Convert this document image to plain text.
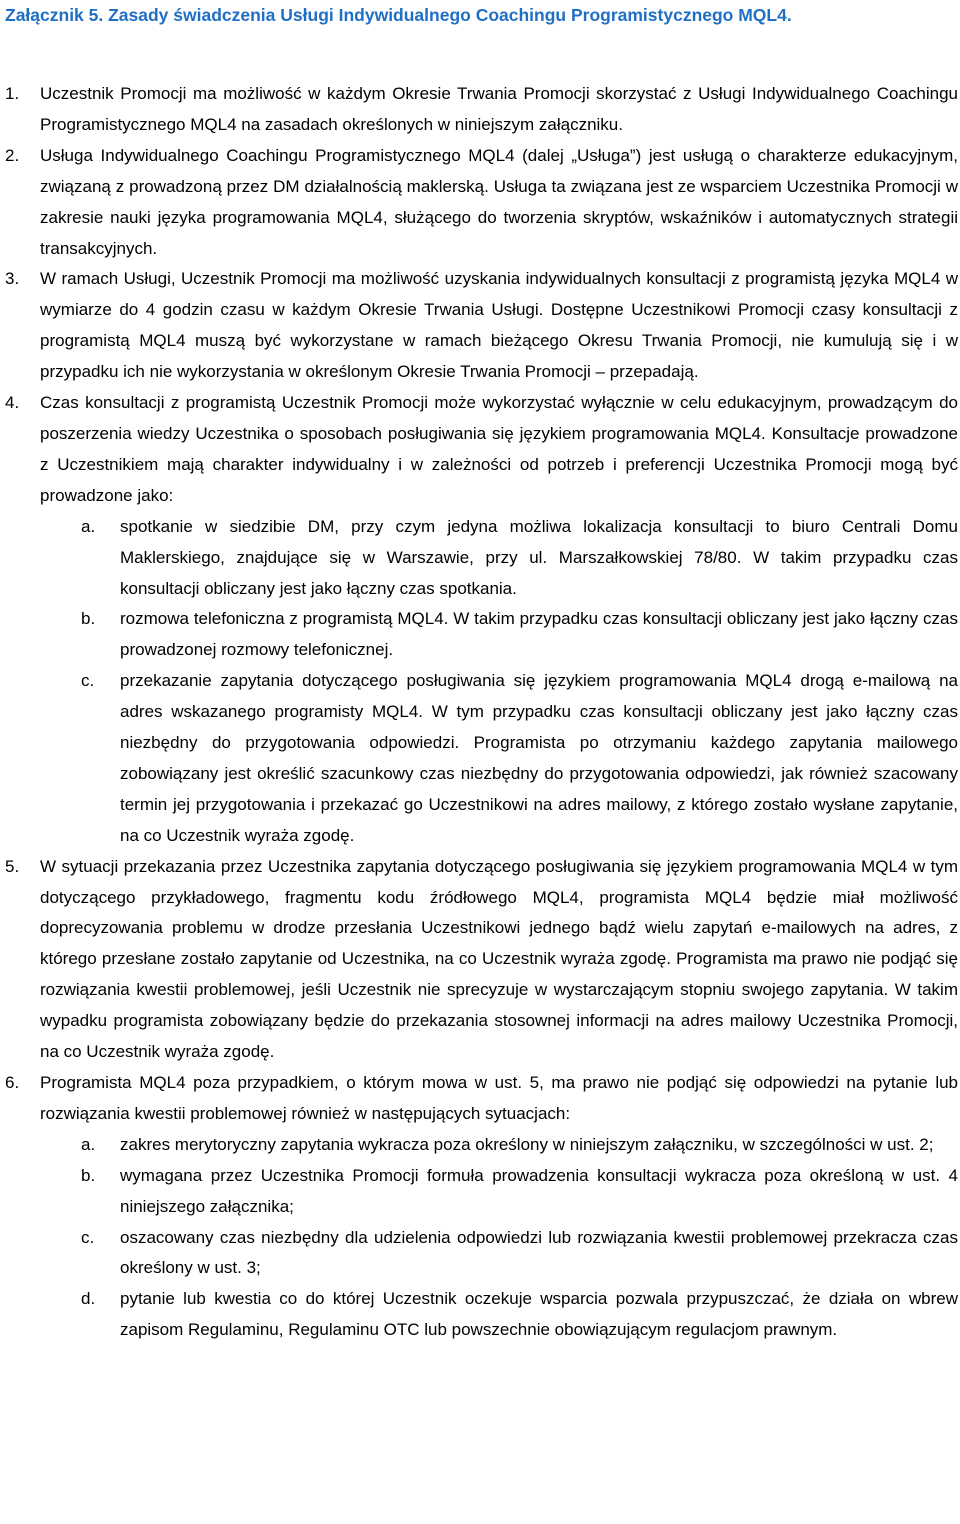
Załącznik 5. Zasady świadczenia Usługi Indywidualnego Coachingu Programistycznego MQL4.
1. Uczestnik Promocji ma możliwość w każdym Okresie Trwania Promocji skorzystać z Usługi Indywidualnego Coachingu Programistycznego MQL4 na zasadach określonych w niniejszym załączniku.
2. Usługa Indywidualnego Coachingu Programistycznego MQL4 (dalej „Usługa”) jest usługą o charakterze edukacyjnym, związaną z prowadzoną przez DM działalnością maklerską. Usługa ta związana jest ze wsparciem Uczestnika Promocji w zakresie nauki języka programowania MQL4, służącego do tworzenia skryptów, wskaźników i automatycznych strategii transakcyjnych.
3. W ramach Usługi, Uczestnik Promocji ma możliwość uzyskania indywidualnych konsultacji z programistą języka MQL4 w wymiarze do 4 godzin czasu w każdym Okresie Trwania Usługi. Dostępne Uczestnikowi Promocji czasy konsultacji z programistą MQL4 muszą być wykorzystane w ramach bieżącego Okresu Trwania Promocji, nie kumulują się i w przypadku ich nie wykorzystania w określonym Okresie Trwania Promocji – przepadają.
4. Czas konsultacji z programistą Uczestnik Promocji może wykorzystać wyłącznie w celu edukacyjnym, prowadzącym do poszerzenia wiedzy Uczestnika o sposobach posługiwania się językiem programowania MQL4. Konsultacje prowadzone z Uczestnikiem mają charakter indywidualny i w zależności od potrzeb i preferencji Uczestnika Promocji mogą być prowadzone jako:
a. spotkanie w siedzibie DM, przy czym jedyna możliwa lokalizacja konsultacji to biuro Centrali Domu Maklerskiego, znajdujące się w Warszawie, przy ul. Marszałkowskiej 78/80. W takim przypadku czas konsultacji obliczany jest jako łączny czas spotkania.
b. rozmowa telefoniczna z programistą MQL4. W takim przypadku czas konsultacji obliczany jest jako łączny czas prowadzonej rozmowy telefonicznej.
c. przekazanie zapytania dotyczącego posługiwania się językiem programowania MQL4 drogą e-mailową na adres wskazanego programisty MQL4. W tym przypadku czas konsultacji obliczany jest jako łączny czas niezbędny do przygotowania odpowiedzi. Programista po otrzymaniu każdego zapytania mailowego zobowiązany jest określić szacunkowy czas niezbędny do przygotowania odpowiedzi, jak również szacowany termin jej przygotowania i przekazać go Uczestnikowi na adres mailowy, z którego zostało wysłane zapytanie, na co Uczestnik wyraża zgodę.
5. W sytuacji przekazania przez Uczestnika zapytania dotyczącego posługiwania się językiem programowania MQL4 w tym dotyczącego przykładowego, fragmentu kodu źródłowego MQL4, programista MQL4 będzie miał możliwość doprecyzowania problemu w drodze przesłania Uczestnikowi jednego bądź wielu zapytań e-mailowych na adres, z którego przesłane zostało zapytanie od Uczestnika, na co Uczestnik wyraża zgodę. Programista ma prawo nie podjąć się rozwiązania kwestii problemowej, jeśli Uczestnik nie sprecyzuje w wystarczającym stopniu swojego zapytania. W takim wypadku programista zobowiązany będzie do przekazania stosownej informacji na adres mailowy Uczestnika Promocji, na co Uczestnik wyraża zgodę.
6. Programista MQL4 poza przypadkiem, o którym mowa w ust. 5, ma prawo nie podjąć się odpowiedzi na pytanie lub rozwiązania kwestii problemowej również w następujących sytuacjach:
a. zakres merytoryczny zapytania wykracza poza określony w niniejszym załączniku, w szczególności w ust. 2;
b. wymagana przez Uczestnika Promocji formuła prowadzenia konsultacji wykracza poza określoną w ust. 4 niniejszego załącznika;
c. oszacowany czas niezbędny dla udzielenia odpowiedzi lub rozwiązania kwestii problemowej przekracza czas określony w ust. 3;
d. pytanie lub kwestia co do której Uczestnik oczekuje wsparcia pozwala przypuszczać, że działa on wbrew zapisom Regulaminu, Regulaminu OTC lub powszechnie obowiązującym regulacjom prawnym.
